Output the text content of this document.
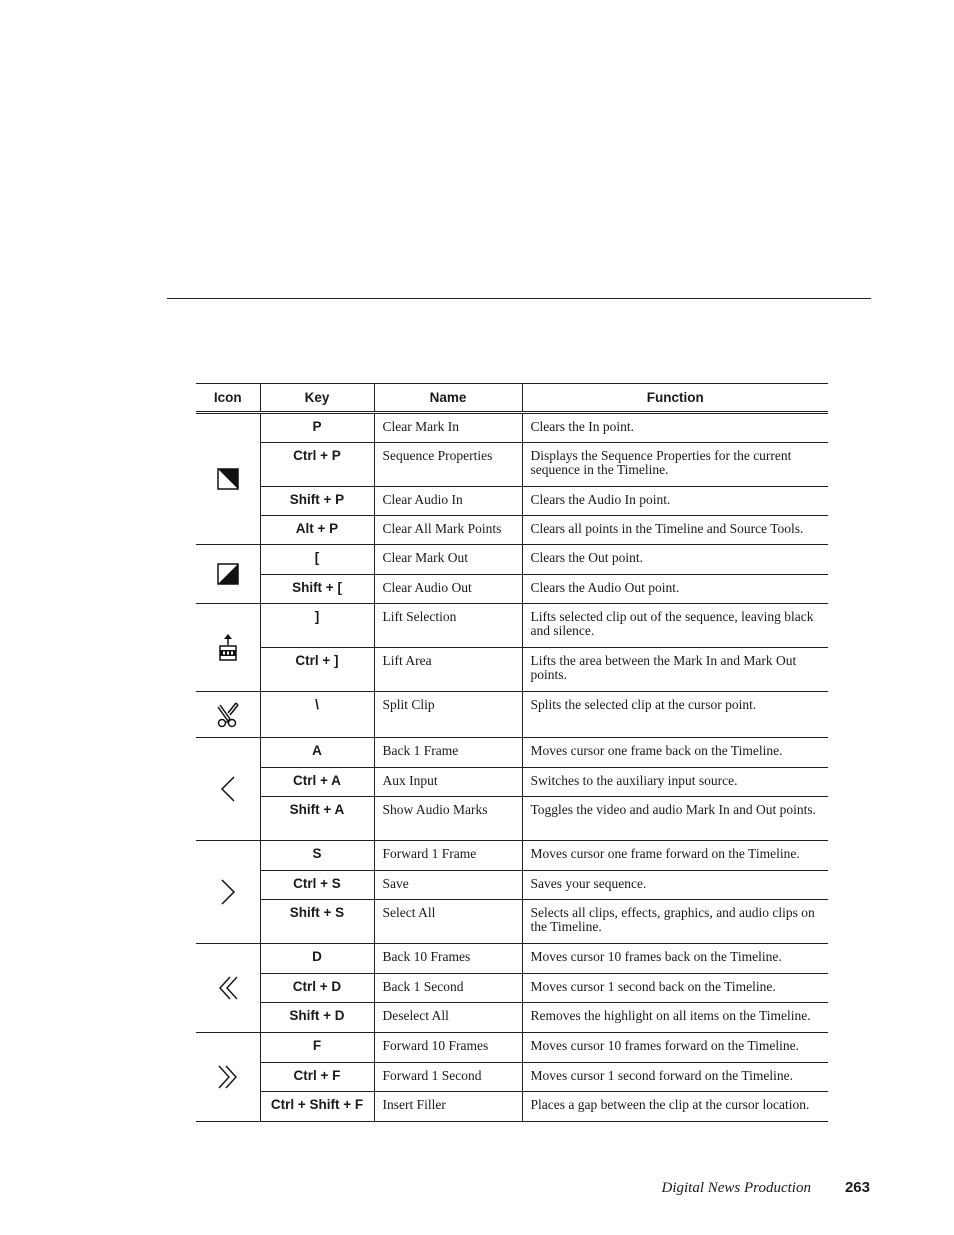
Icon	Key	Name	Function

	P	Clear Mark In	Clears the In point.
	Ctrl + P	Sequence Properties	Displays the Sequence Properties for the current sequence in the Timeline.
	Shift + P	Clear Audio In	Clears the Audio In point.
	Alt + P	Clear All Mark Points	Clears all points in the Timeline and Source Tools.

	[	Clear Mark Out	Clears the Out point.
	Shift + [	Clear Audio Out	Clears the Audio Out point.

	]	Lift Selection	Lifts selected clip out of the sequence, leaving black and silence.
	Ctrl + ]	Lift Area	Lifts the area between the Mark In and Mark Out points.

	\	Split Clip	Splits the selected clip at the cursor point.

	A	Back 1 Frame	Moves cursor one frame back on the Timeline.
	Ctrl + A	Aux Input	Switches to the auxiliary input source.
	Shift + A	Show Audio Marks	Toggles the video and audio Mark In and Out points.

	S	Forward 1 Frame	Moves cursor one frame forward on the Timeline.
	Ctrl + S	Save	Saves your sequence.
	Shift + S	Select All	Selects all clips, effects, graphics, and audio clips on the Timeline.

	D	Back 10 Frames	Moves cursor 10 frames back on the Timeline.
	Ctrl + D	Back 1 Second	Moves cursor 1 second back on the Timeline.
	Shift + D	Deselect All	Removes the highlight on all items on the Timeline.

	F	Forward 10 Frames	Moves cursor 10 frames forward on the Timeline.
	Ctrl + F	Forward 1 Second	Moves cursor 1 second forward on the Timeline.
	Ctrl + Shift + F	Insert Filler	Places a gap between the clip at the cursor location.
Digital News Production 263
